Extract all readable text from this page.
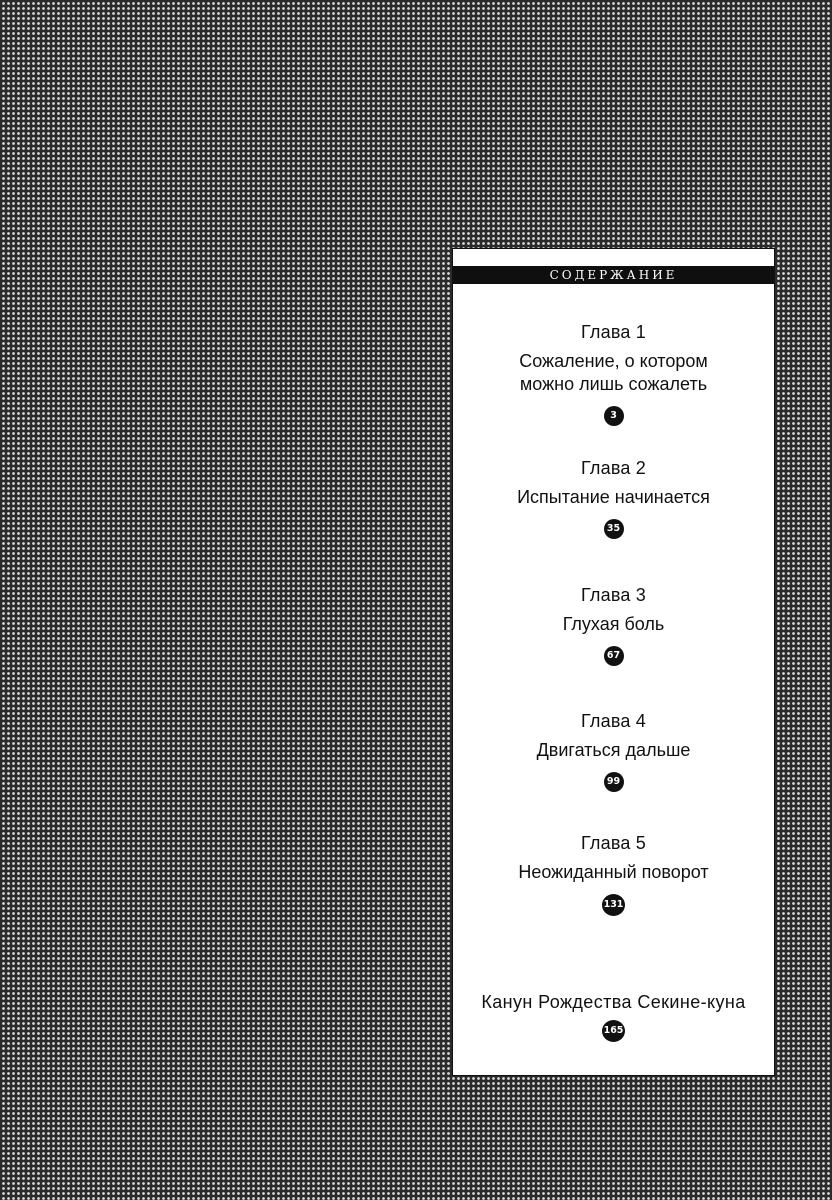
СОДЕРЖАНИЕ
Глава 1
Сожаление, о котором
можно лишь сожалеть
3
Глава 2
Испытание начинается
35
Глава 3
Глухая боль
67
Глава 4
Двигаться дальше
99
Глава 5
Неожиданный поворот
131
Канун Рождества Секине-куна
165
